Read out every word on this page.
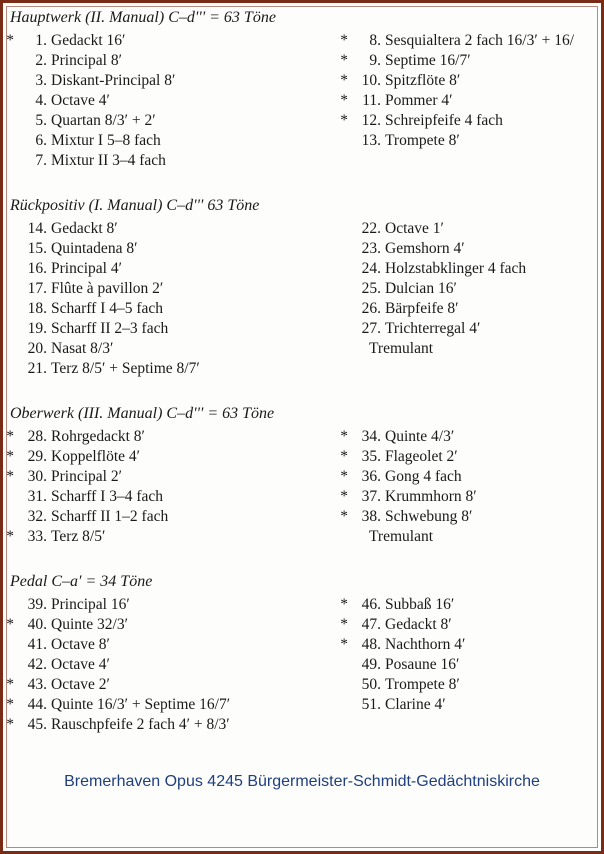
Hauptwerk (II. Manual) C–d''' = 63 Töne
* 1. Gedackt 16′
2. Principal 8′
3. Diskant-Principal 8′
4. Octave 4′
5. Quartan 8/3′ + 2′
6. Mixtur I 5–8 fach
7. Mixtur II 3–4 fach
* 8. Sesquialtera 2 fach 16/3′ + 16/
* 9. Septime 16/7′
* 10. Spitzflöte 8′
* 11. Pommer 4′
* 12. Schreipfeife 4 fach
13. Trompete 8′
Rückpositiv (I. Manual) C–d''' 63 Töne
14. Gedackt 8′
15. Quintadena 8′
16. Principal 4′
17. Flûte à pavillon 2′
18. Scharff I 4–5 fach
19. Scharff II 2–3 fach
20. Nasat 8/3′
21. Terz 8/5′ + Septime 8/7′
22. Octave 1′
23. Gemshorn 4′
24. Holzstabklinger 4 fach
25. Dulcian 16′
26. Bärpfeife 8′
27. Trichterregal 4′
Tremulant
Oberwerk (III. Manual) C–d''' = 63 Töne
* 28. Rohrgedackt 8′
* 29. Koppelflöte 4′
* 30. Principal 2′
31. Scharff I 3–4 fach
32. Scharff II 1–2 fach
* 33. Terz 8/5′
* 34. Quinte 4/3′
* 35. Flageolet 2′
* 36. Gong 4 fach
* 37. Krummhorn 8′
* 38. Schwebung 8′
Tremulant
Pedal C–a′ = 34 Töne
39. Principal 16′
* 40. Quinte 32/3′
41. Octave 8′
42. Octave 4′
* 43. Octave 2′
* 44. Quinte 16/3′ + Septime 16/7′
* 45. Rauschpfeife 2 fach 4′ + 8/3′
* 46. Subbaß 16′
* 47. Gedackt 8′
* 48. Nachthorn 4′
49. Posaune 16′
50. Trompete 8′
51. Clarine 4′
Bremerhaven Opus 4245 Bürgermeister-Schmidt-Gedächtniskirche
